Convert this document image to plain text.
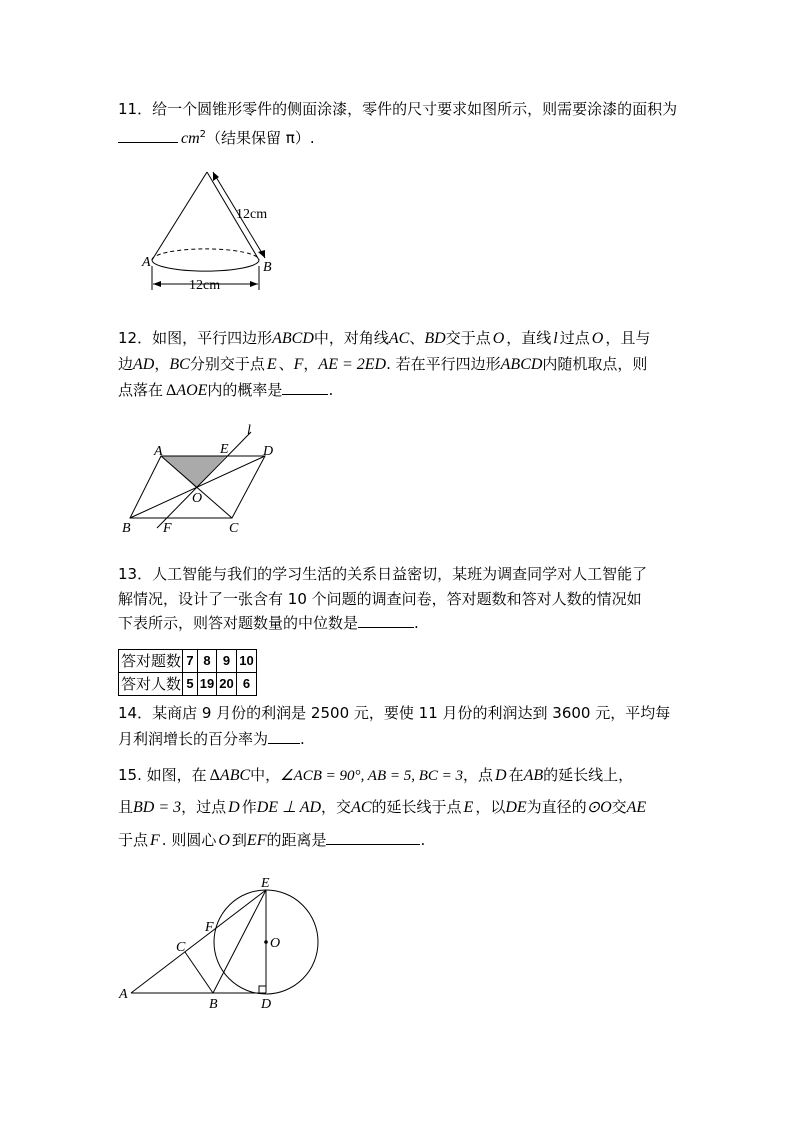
11．给一个圆锥形零件的侧面涂漆，零件的尺寸要求如图所示，则需要涂漆的面积为
$cm^2$（结果保留 π）.
12cm
12cm
A	B
A	E
l
D
O
B F	C
E
F
C	O
A
B	D
12．如图，平行四边形ABCD中，对角线AC、BD交于点 O ，直线 l 过点 O ，且与
边AD，BC分别交于点 E 、F，AE = 2ED. 若在平行四边形ABCD内随机取点，则
点落在 ΔAOE内的概率是	.
13．人工智能与我们的学习生活的关系日益密切，某班为调查同学对人工智能了
解情况，设计了一张含有 10 个问题的调查问卷，答对题数和答对人数的情况如
下表所示，则答对题数量的中位数是	.
答对题数	7	8	9	10
答对人数	5	19	20	6
14．某商店 9 月份的利润是 2500 元，要使 11 月份的利润达到 3600 元，平均每
月利润增长的百分率为 .
15. 如图，在 ΔABC中，∠ACB = 90°, AB = 5, BC = 3，点 D 在AB的延长线上，
且BD = 3，过点 D 作DE ⊥ AD，交AC的延长线于点 E ，以DE为直径的⊙O交AE
于点 F . 则圆心 O 到EF的距离是	.
